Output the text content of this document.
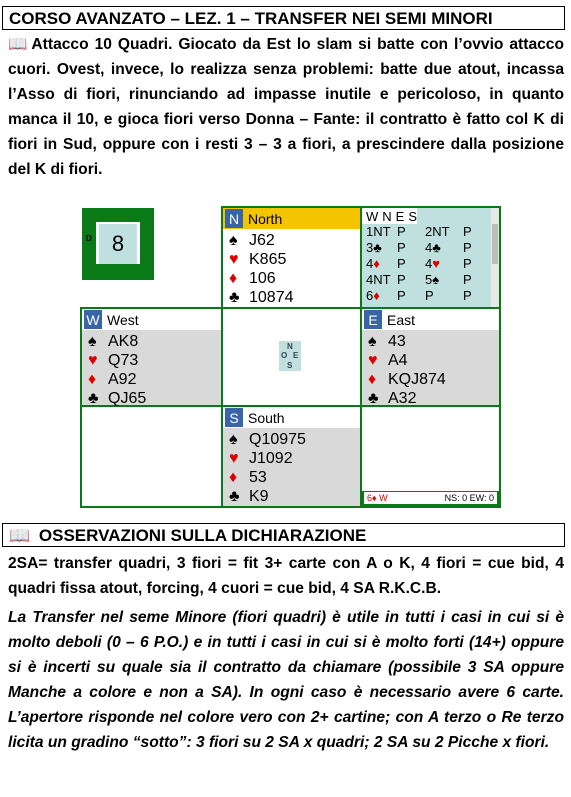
CORSO AVANZATO – LEZ. 1 – TRANSFER NEI SEMI MINORI
📖 Attacco 10 Quadri. Giocato da Est lo slam si batte con l’ovvio attacco cuori. Ovest, invece, lo realizza senza problemi: batte due atout, incassa l’Asso di fiori, rinunciando ad impasse inutile e pericoloso, in quanto manca il 10, e gioca fiori verso Donna – Fante: il contratto è fatto col K di fiori in Sud, oppure con i resti 3 – 3 a fiori, a prescindere dalla posizione del K di fiori.
8
D
N North
♠ J62
♥ K865
♦ 106
♣ 10874
W	N	E	S
1NT	P	2NT	P
3♣	P	4♣	P
4♦	P	4♥	P
4NT	P	5♠	P
6♦	P	P	P
W West
♠ AK8
♥ Q73
♦ A92
♣ QJ65
N
O E
S
E East
♠ 43
♥ A4
♦ KQJ874
♣ A32
S South
♠ Q10975
♥ J1092
♦ 53
♣ K9	6♦ W	NS: 0 EW: 0
📖 OSSERVAZIONI SULLA DICHIARAZIONE
2SA= transfer quadri, 3 fiori = fit 3+ carte con A o K, 4 fiori = cue bid, 4 quadri fissa atout, forcing, 4 cuori = cue bid, 4 SA R.K.C.B.
La Transfer nel seme Minore (fiori quadri) è utile in tutti i casi in cui si è molto deboli (0 – 6 P.O.) e in tutti i casi in cui si è molto forti (14+) oppure si è incerti su quale sia il contratto da chiamare (possibile 3 SA oppure Manche a colore e non a SA). In ogni caso è necessario avere 6 carte. L’apertore risponde nel colore vero con 2+ cartine; con A terzo o Re terzo licita un gradino “sotto”: 3 fiori su 2 SA x quadri; 2 SA su 2 Picche x fiori.
